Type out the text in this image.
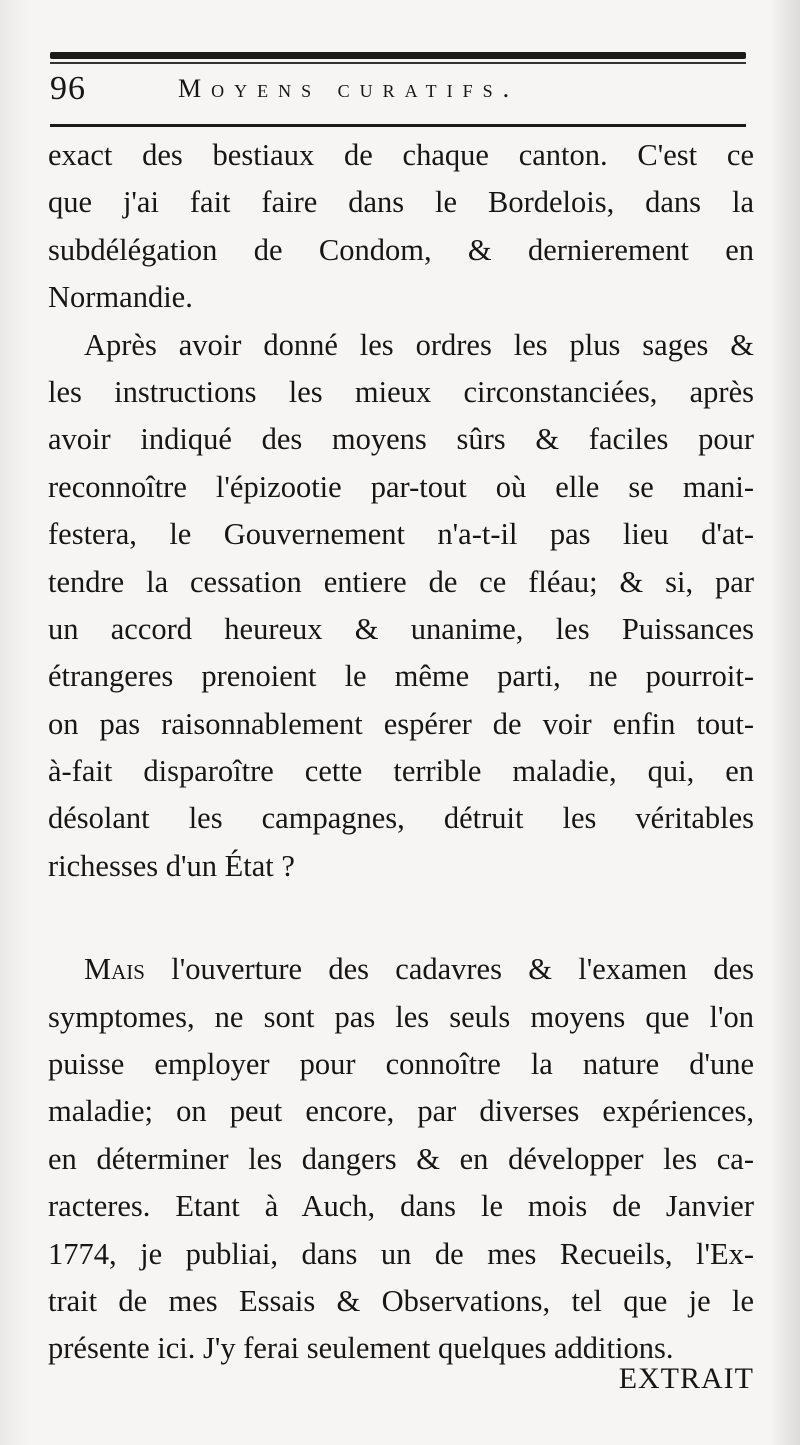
96	Moyens curatifs.
exact des bestiaux de chaque canton. C'est ce
que j'ai fait faire dans le Bordelois, dans la
subdélégation de Condom, & dernierement en
Normandie.
Après avoir donné les ordres les plus sages &
les instructions les mieux circonstanciées, après
avoir indiqué des moyens sûrs & faciles pour
reconnoître l'épizootie par-tout où elle se mani-
festera, le Gouvernement n'a-t-il pas lieu d'at-
tendre la cessation entiere de ce fléau; & si, par
un accord heureux & unanime, les Puissances
étrangeres prenoient le même parti, ne pourroit-
on pas raisonnablement espérer de voir enfin tout-
à-fait disparoître cette terrible maladie, qui, en
désolant les campagnes, détruit les véritables
richesses d'un État ?
Mais l'ouverture des cadavres & l'examen des
symptomes, ne sont pas les seuls moyens que l'on
puisse employer pour connoître la nature d'une
maladie; on peut encore, par diverses expériences,
en déterminer les dangers & en développer les ca-
racteres. Etant à Auch, dans le mois de Janvier
1774, je publiai, dans un de mes Recueils, l'Ex-
trait de mes Essais & Observations, tel que je le
présente ici. J'y ferai seulement quelques additions.
EXTRAIT
